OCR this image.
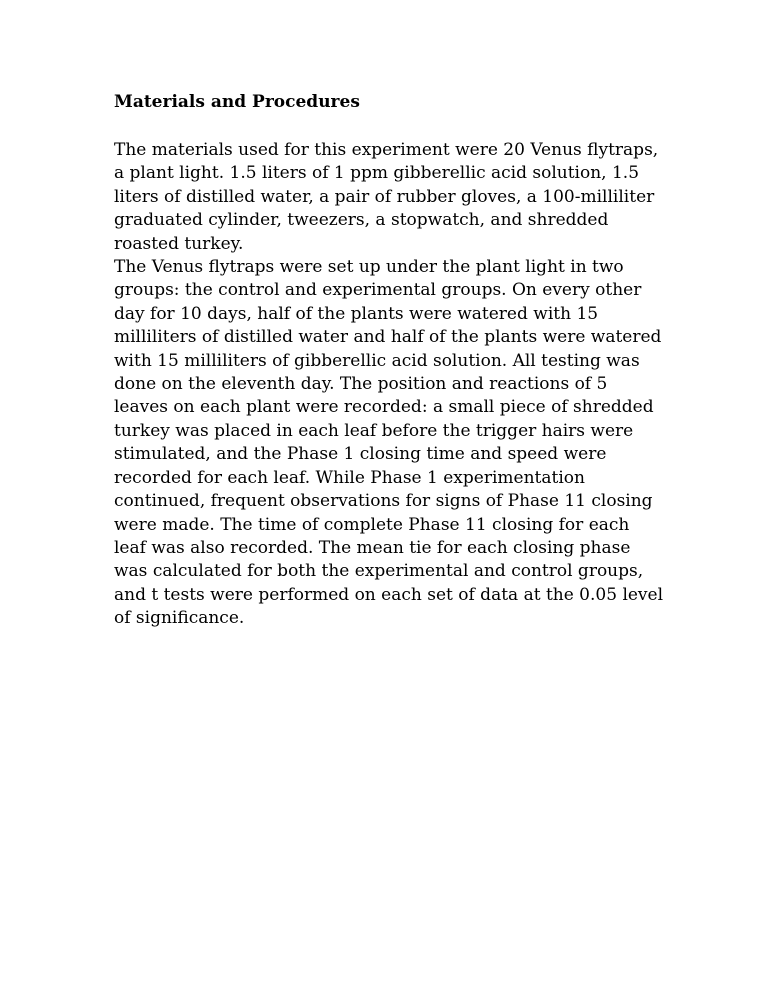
Materials and Procedures
The materials used for this experiment were 20 Venus flytraps,
a plant light. 1.5 liters of 1 ppm gibberellic acid solution, 1.5
liters of distilled water, a pair of rubber gloves, a 100-milliliter
graduated cylinder, tweezers, a stopwatch, and shredded
roasted turkey.
The Venus flytraps were set up under the plant light in two
groups: the control and experimental groups. On every other
day for 10 days, half of the plants were watered with 15
milliliters of distilled water and half of the plants were watered
with 15 milliliters of gibberellic acid solution. All testing was
done on the eleventh day. The position and reactions of 5
leaves on each plant were recorded: a small piece of shredded
turkey was placed in each leaf before the trigger hairs were
stimulated, and the Phase 1 closing time and speed were
recorded for each leaf. While Phase 1 experimentation
continued, frequent observations for signs of Phase 11 closing
were made. The time of complete Phase 11 closing for each
leaf was also recorded. The mean tie for each closing phase
was calculated for both the experimental and control groups,
and t tests were performed on each set of data at the 0.05 level
of significance.
